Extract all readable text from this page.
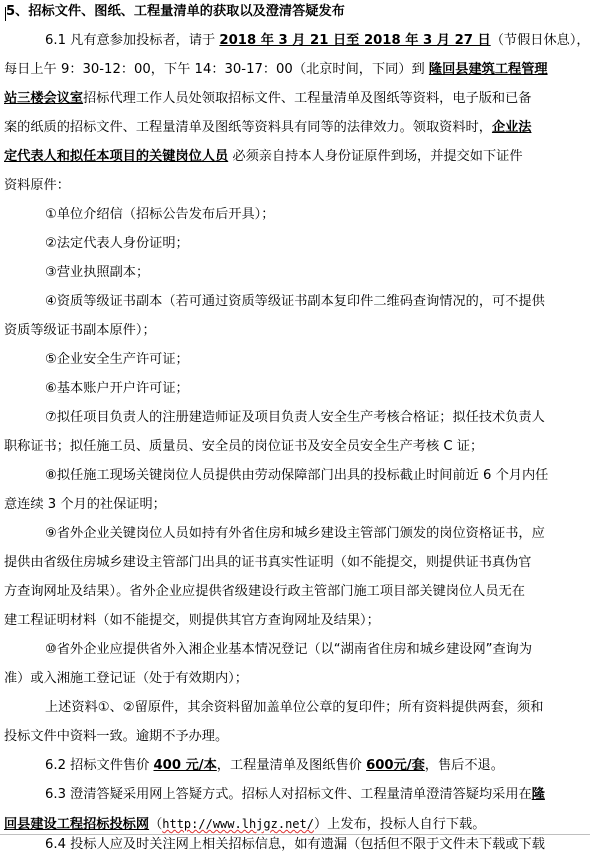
5、招标文件、图纸、工程量清单的获取以及澄清答疑发布
6.1 凡有意参加投标者，请于 2018 年 3 月 21 日至 2018 年 3 月 27 日（节假日休息），
每日上午 9：30-12：00，下午 14：30-17：00（北京时间，下同）到 隆回县建筑工程管理
站三楼会议室招标代理工作人员处领取招标文件、工程量清单及图纸等资料，电子版和已备
案的纸质的招标文件、工程量清单及图纸等资料具有同等的法律效力。领取资料时，企业法
定代表人和拟任本项目的关键岗位人员 必须亲自持本人身份证原件到场，并提交如下证件
资料原件：
①单位介绍信（招标公告发布后开具）；
②法定代表人身份证明；
③营业执照副本；
④资质等级证书副本（若可通过资质等级证书副本复印件二维码查询情况的，可不提供
资质等级证书副本原件）；
⑤企业安全生产许可证；
⑥基本账户开户许可证；
⑦拟任项目负责人的注册建造师证及项目负责人安全生产考核合格证；拟任技术负责人
职称证书；拟任施工员、质量员、安全员的岗位证书及安全员安全生产考核 C 证；
⑧拟任施工现场关键岗位人员提供由劳动保障部门出具的投标截止时间前近 6 个月内任
意连续 3 个月的社保证明；
⑨省外企业关键岗位人员如持有外省住房和城乡建设主管部门颁发的岗位资格证书，应
提供由省级住房城乡建设主管部门出具的证书真实性证明（如不能提交，则提供证书真伪官
方查询网址及结果）。省外企业应提供省级建设行政主管部门施工项目部关键岗位人员无在
建工程证明材料（如不能提交，则提供其官方查询网址及结果）；
⑩省外企业应提供省外入湘企业基本情况登记（以“湖南省住房和城乡建设网”查询为
准）或入湘施工登记证（处于有效期内）；
上述资料①、②留原件，其余资料留加盖单位公章的复印件；所有资料提供两套，须和
投标文件中资料一致。逾期不予办理。
6.2 招标文件售价 400 元/本，工程量清单及图纸售价 600元/套，售后不退。
6.3 澄清答疑采用网上答疑方式。招标人对招标文件、工程量清单澄清答疑均采用在隆
回县建设工程招标投标网（http://www.lhjgz.net/）上发布，投标人自行下载。
6.4 投标人应及时关注网上相关招标信息，如有遗漏（包括但不限于文件未下载或下载
